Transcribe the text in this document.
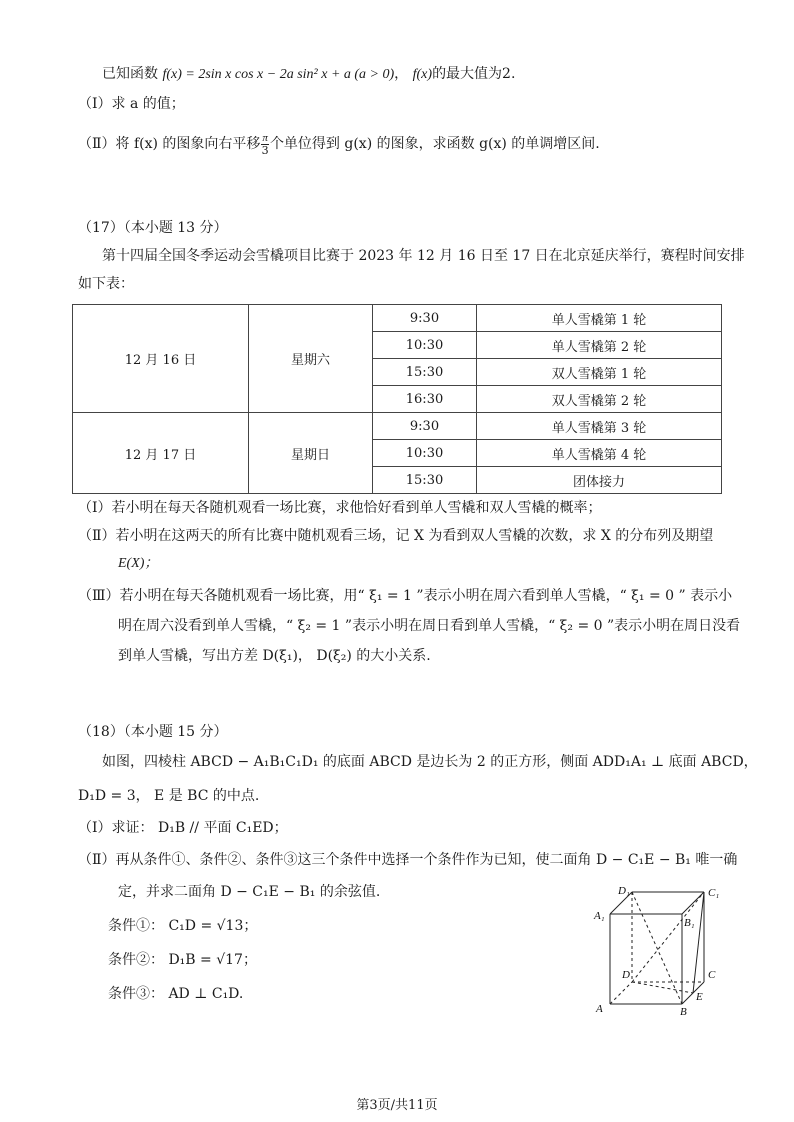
已知函数 f(x) = 2sin x cos x − 2a sin² x + a (a > 0)， f(x)的最大值为2.
（Ⅰ）求 a 的值；
（Ⅱ）将 f(x) 的图象向右平移 $\frac{\pi}{3}$ 个单位得到 g(x) 的图象，求函数 g(x) 的单调增区间.
（17）（本小题 13 分）
第十四届全国冬季运动会雪橇项目比赛于 2023 年 12 月 16 日至 17 日在北京延庆举行，赛程时间安排
如下表：
12 月 16 日	星期六	9:30	单人雪橇第 1 轮
		10:30	单人雪橇第 2 轮
		15:30	双人雪橇第 1 轮
		16:30	双人雪橇第 2 轮
12 月 17 日	星期日	9:30	单人雪橇第 3 轮
		10:30	单人雪橇第 4 轮
		15:30	团体接力
（Ⅰ）若小明在每天各随机观看一场比赛，求他恰好看到单人雪橇和双人雪橇的概率；
（Ⅱ）若小明在这两天的所有比赛中随机观看三场，记 X 为看到双人雪橇的次数，求 X 的分布列及期望
E(X)；
（Ⅲ）若小明在每天各随机观看一场比赛，用“ ξ₁ = 1 ”表示小明在周六看到单人雪橇，“ ξ₁ = 0 ” 表示小
明在周六没看到单人雪橇，“ ξ₂ = 1 ”表示小明在周日看到单人雪橇，“ ξ₂ = 0 ”表示小明在周日没看
到单人雪橇，写出方差 D(ξ₁)， D(ξ₂) 的大小关系.
（18）（本小题 15 分）
如图，四棱柱 ABCD − A₁B₁C₁D₁ 的底面 ABCD 是边长为 2 的正方形，侧面 ADD₁A₁ ⊥ 底面 ABCD，
D₁D = 3， E 是 BC 的中点.
（Ⅰ）求证： D₁B // 平面 C₁ED；
（Ⅱ）再从条件①、条件②、条件③这三个条件中选择一个条件作为已知，使二面角 D − C₁E − B₁ 唯一确
定，并求二面角 D − C₁E − B₁ 的余弦值.
条件①： C₁D = √13；
条件②： D₁B = √17；
条件③： AD ⊥ C₁D.
D₁	C₁
A₁
B₁
D	C
A	B
E
第3页/共11页
